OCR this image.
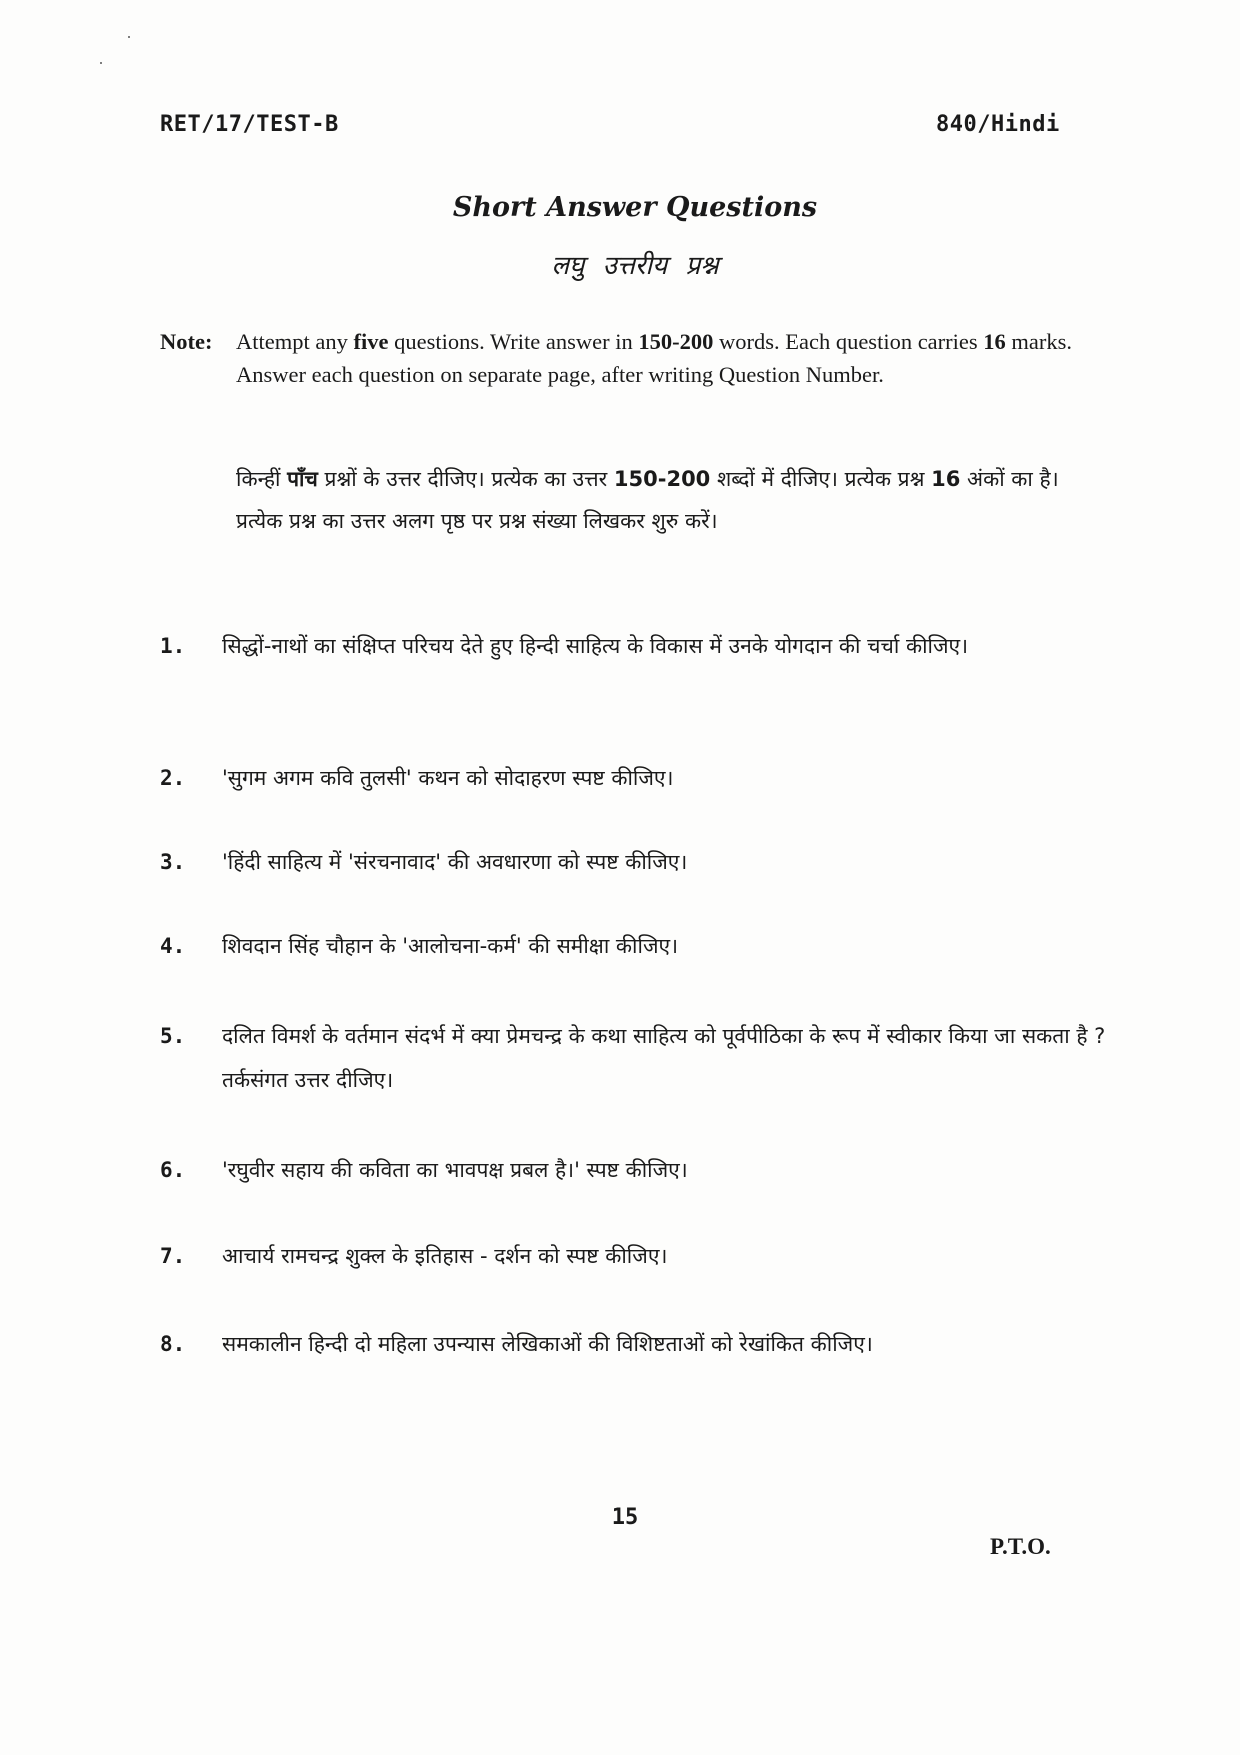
RET/17/TEST-B	840/Hindi
Short Answer Questions
लघु उत्तरीय प्रश्न
Note:	Attempt any five questions. Write answer in 150-200 words. Each question carries 16 marks. Answer each question on separate page, after writing Question Number.
किन्हीं पाँच प्रश्नों के उत्तर दीजिए। प्रत्येक का उत्तर 150-200 शब्दों में दीजिए। प्रत्येक प्रश्न 16 अंकों का है। प्रत्येक प्रश्न का उत्तर अलग पृष्ठ पर प्रश्न संख्या लिखकर शुरु करें।
1.	सिद्धों-नाथों का संक्षिप्त परिचय देते हुए हिन्दी साहित्य के विकास में उनके योगदान की चर्चा कीजिए।
2.	'सुगम अगम कवि तुलसी' कथन को सोदाहरण स्पष्ट कीजिए।
3.	'हिंदी साहित्य में 'संरचनावाद' की अवधारणा को स्पष्ट कीजिए।
4.	शिवदान सिंह चौहान के 'आलोचना-कर्म' की समीक्षा कीजिए।
5.	दलित विमर्श के वर्तमान संदर्भ में क्या प्रेमचन्द्र के कथा साहित्य को पूर्वपीठिका के रूप में स्वीकार किया जा सकता है ? तर्कसंगत उत्तर दीजिए।
6.	'रघुवीर सहाय की कविता का भावपक्ष प्रबल है।' स्पष्ट कीजिए।
7.	आचार्य रामचन्द्र शुक्ल के इतिहास - दर्शन को स्पष्ट कीजिए।
8.	समकालीन हिन्दी दो महिला उपन्यास लेखिकाओं की विशिष्टताओं को रेखांकित कीजिए।
15
P.T.O.
